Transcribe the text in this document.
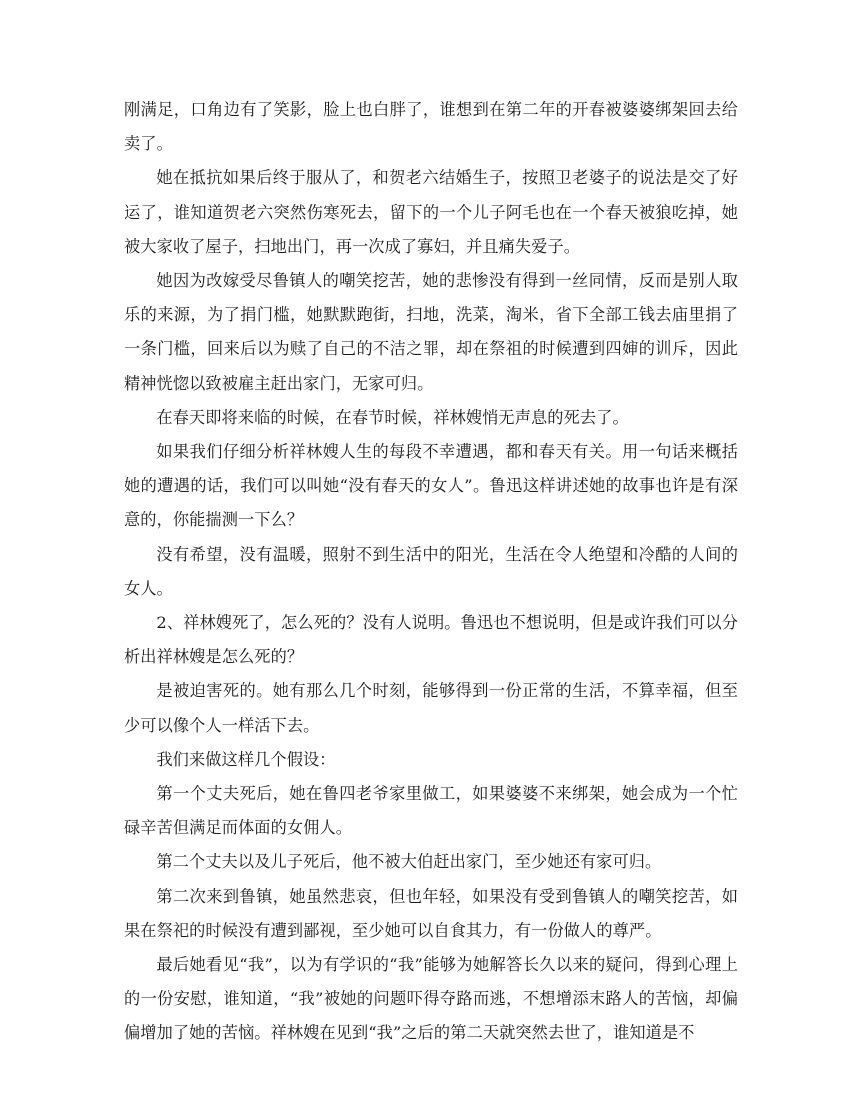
刚满足，口角边有了笑影，脸上也白胖了，谁想到在第二年的开春被婆婆绑架回去给卖了。

她在抵抗如果后终于服从了，和贺老六结婚生子，按照卫老婆子的说法是交了好运了，谁知道贺老六突然伤寒死去，留下的一个儿子阿毛也在一个春天被狼吃掉，她被大家收了屋子，扫地出门，再一次成了寡妇，并且痛失爱子。

她因为改嫁受尽鲁镇人的嘲笑挖苦，她的悲惨没有得到一丝同情，反而是别人取乐的来源，为了捐门槛，她默默跑街，扫地，洗菜，淘米，省下全部工钱去庙里捐了一条门槛，回来后以为赎了自己的不洁之罪，却在祭祖的时候遭到四婶的训斥，因此精神恍惚以致被雇主赶出家门，无家可归。

在春天即将来临的时候，在春节时候，祥林嫂悄无声息的死去了。

如果我们仔细分析祥林嫂人生的每段不幸遭遇，都和春天有关。用一句话来概括她的遭遇的话，我们可以叫她“没有春天的女人”。鲁迅这样讲述她的故事也许是有深意的，你能揣测一下么？

没有希望，没有温暖，照射不到生活中的阳光，生活在令人绝望和冷酷的人间的女人。

2、祥林嫂死了，怎么死的？没有人说明。鲁迅也不想说明，但是或许我们可以分析出祥林嫂是怎么死的？

是被迫害死的。她有那么几个时刻，能够得到一份正常的生活，不算幸福，但至少可以像个人一样活下去。

我们来做这样几个假设：

第一个丈夫死后，她在鲁四老爷家里做工，如果婆婆不来绑架，她会成为一个忙碌辛苦但满足而体面的女佣人。

第二个丈夫以及儿子死后，他不被大伯赶出家门，至少她还有家可归。

第二次来到鲁镇，她虽然悲哀，但也年轻，如果没有受到鲁镇人的嘲笑挖苦，如果在祭祀的时候没有遭到鄙视，至少她可以自食其力，有一份做人的尊严。

最后她看见“我”，以为有学识的“我”能够为她解答长久以来的疑问，得到心理上的一份安慰，谁知道，“我”被她的问题吓得夺路而逃，不想增添末路人的苦恼，却偏偏增加了她的苦恼。祥林嫂在见到“我”之后的第二天就突然去世了，谁知道是不
